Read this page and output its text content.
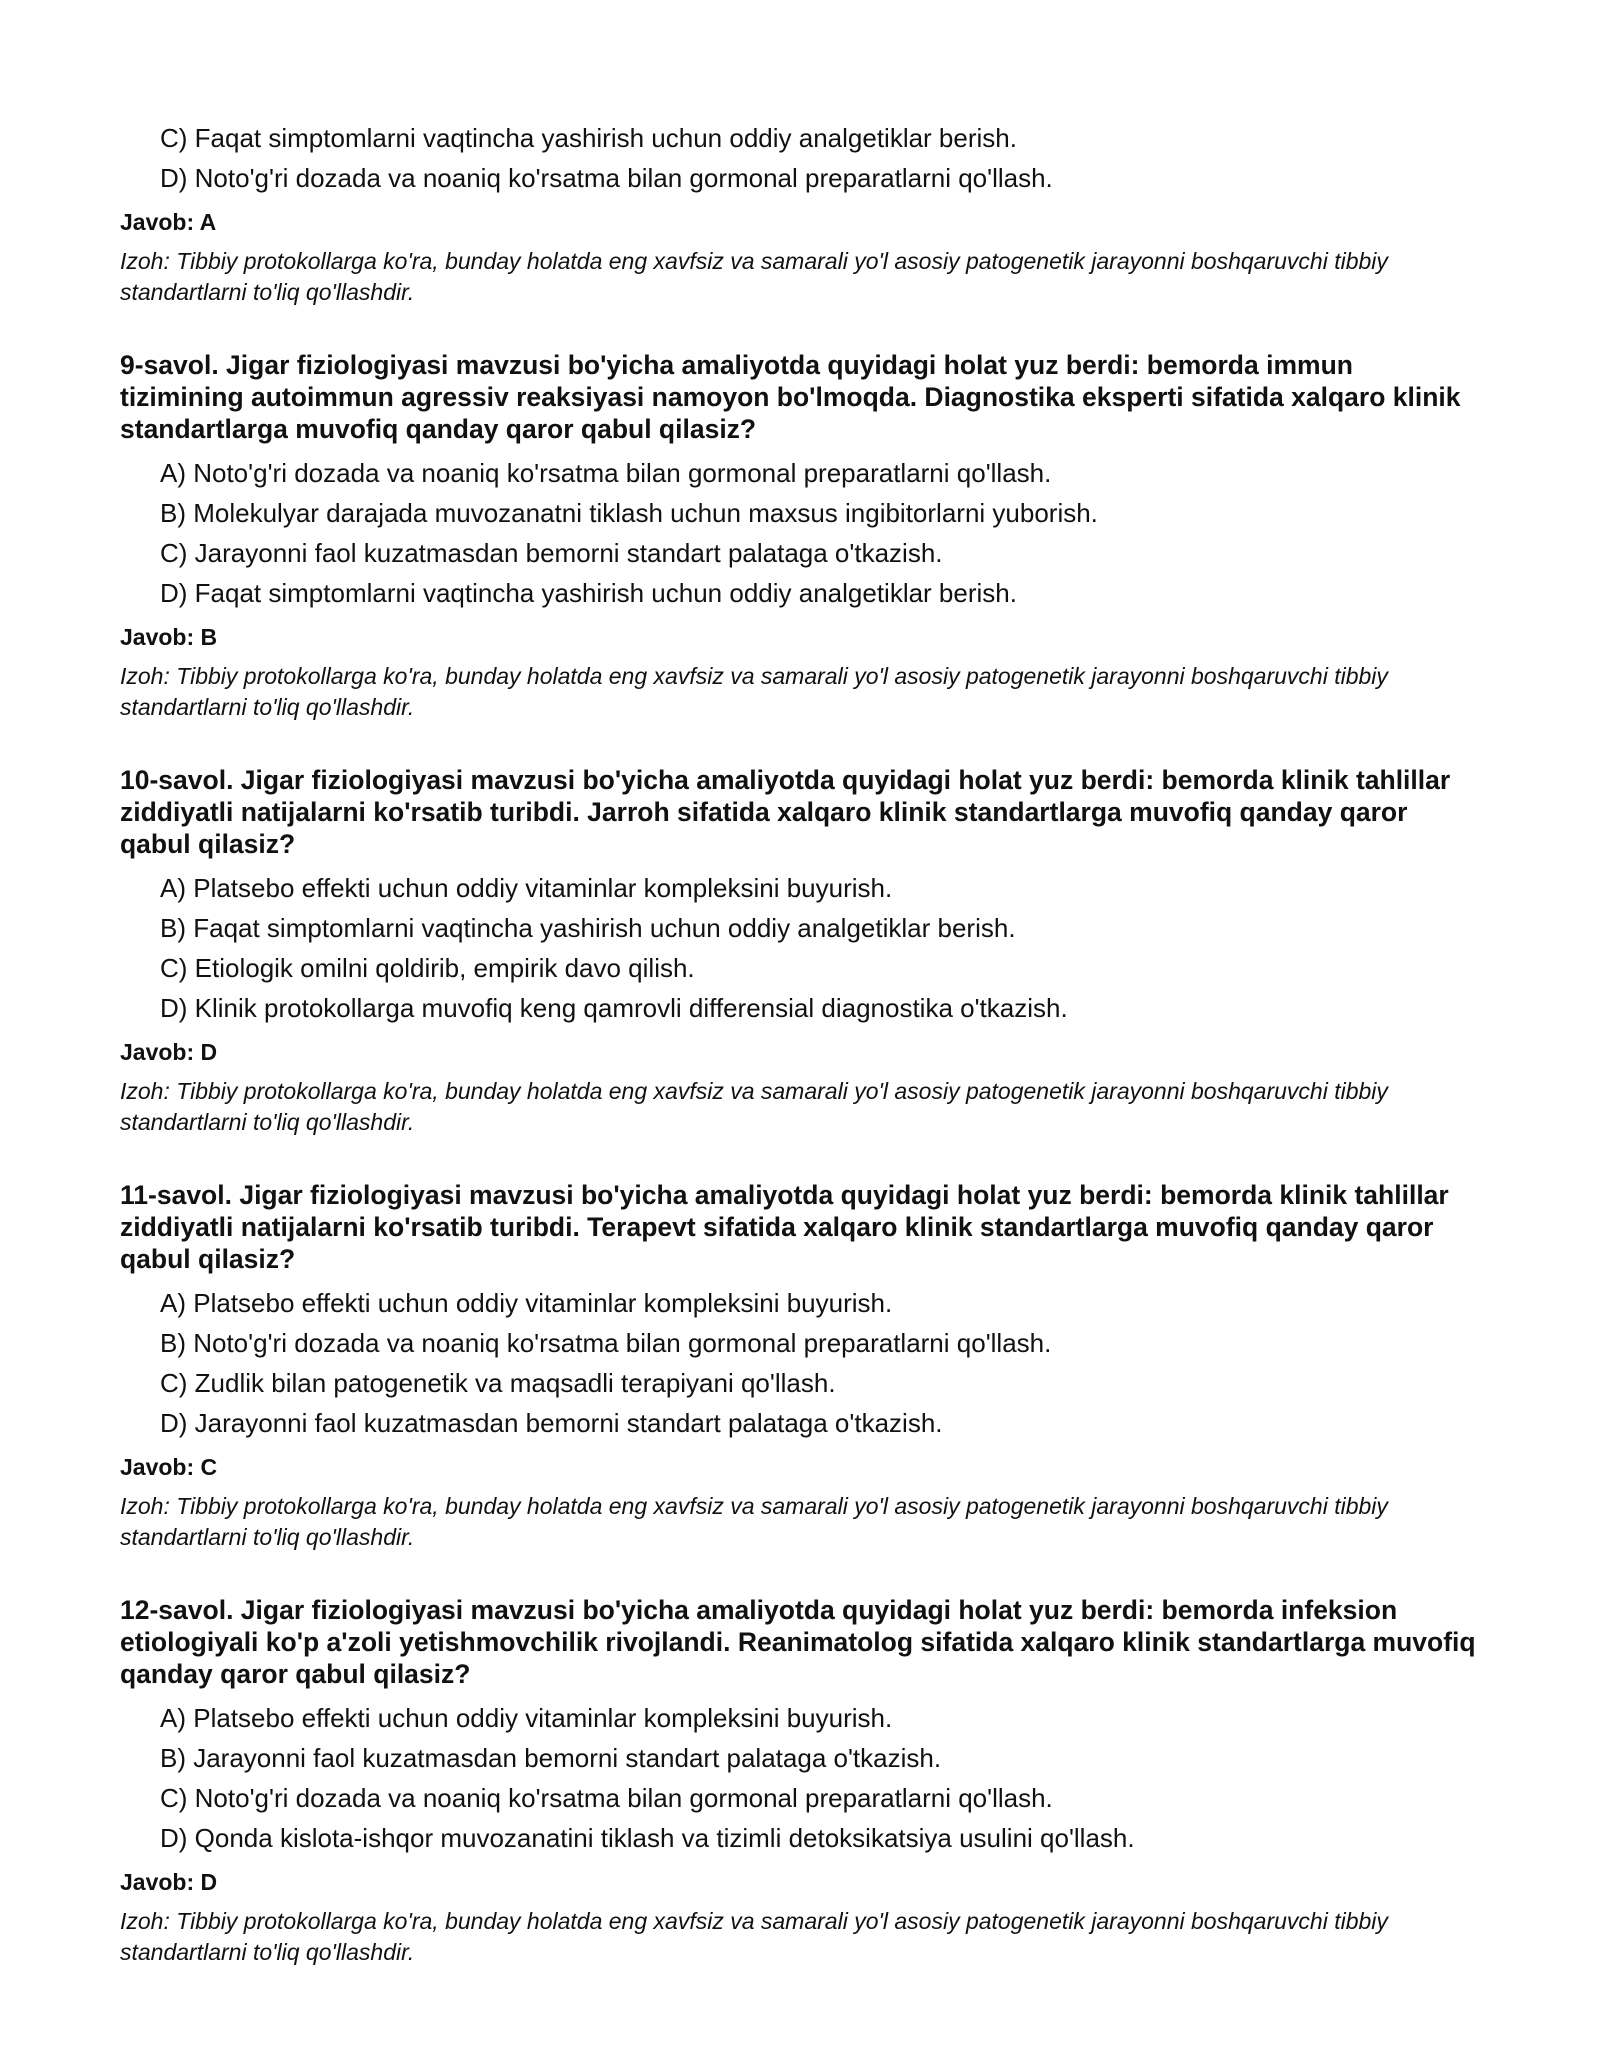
C) Faqat simptomlarni vaqtincha yashirish uchun oddiy analgetiklar berish.
D) Noto'g'ri dozada va noaniq ko'rsatma bilan gormonal preparatlarni qo'llash.
Javob: A
Izoh: Tibbiy protokollarga ko'ra, bunday holatda eng xavfsiz va samarali yo'l asosiy patogenetik jarayonni boshqaruvchi tibbiy standartlarni to'liq qo'llashdir.
9-savol. Jigar fiziologiyasi mavzusi bo'yicha amaliyotda quyidagi holat yuz berdi: bemorda immun tizimining autoimmun agressiv reaksiyasi namoyon bo'lmoqda. Diagnostika eksperti sifatida xalqaro klinik standartlarga muvofiq qanday qaror qabul qilasiz?
A) Noto'g'ri dozada va noaniq ko'rsatma bilan gormonal preparatlarni qo'llash.
B) Molekulyar darajada muvozanatni tiklash uchun maxsus ingibitorlarni yuborish.
C) Jarayonni faol kuzatmasdan bemorni standart palataga o'tkazish.
D) Faqat simptomlarni vaqtincha yashirish uchun oddiy analgetiklar berish.
Javob: B
Izoh: Tibbiy protokollarga ko'ra, bunday holatda eng xavfsiz va samarali yo'l asosiy patogenetik jarayonni boshqaruvchi tibbiy standartlarni to'liq qo'llashdir.
10-savol. Jigar fiziologiyasi mavzusi bo'yicha amaliyotda quyidagi holat yuz berdi: bemorda klinik tahlillar ziddiyatli natijalarni ko'rsatib turibdi. Jarroh sifatida xalqaro klinik standartlarga muvofiq qanday qaror qabul qilasiz?
A) Platsebo effekti uchun oddiy vitaminlar kompleksini buyurish.
B) Faqat simptomlarni vaqtincha yashirish uchun oddiy analgetiklar berish.
C) Etiologik omilni qoldirib, empirik davo qilish.
D) Klinik protokollarga muvofiq keng qamrovli differensial diagnostika o'tkazish.
Javob: D
Izoh: Tibbiy protokollarga ko'ra, bunday holatda eng xavfsiz va samarali yo'l asosiy patogenetik jarayonni boshqaruvchi tibbiy standartlarni to'liq qo'llashdir.
11-savol. Jigar fiziologiyasi mavzusi bo'yicha amaliyotda quyidagi holat yuz berdi: bemorda klinik tahlillar ziddiyatli natijalarni ko'rsatib turibdi. Terapevt sifatida xalqaro klinik standartlarga muvofiq qanday qaror qabul qilasiz?
A) Platsebo effekti uchun oddiy vitaminlar kompleksini buyurish.
B) Noto'g'ri dozada va noaniq ko'rsatma bilan gormonal preparatlarni qo'llash.
C) Zudlik bilan patogenetik va maqsadli terapiyani qo'llash.
D) Jarayonni faol kuzatmasdan bemorni standart palataga o'tkazish.
Javob: C
Izoh: Tibbiy protokollarga ko'ra, bunday holatda eng xavfsiz va samarali yo'l asosiy patogenetik jarayonni boshqaruvchi tibbiy standartlarni to'liq qo'llashdir.
12-savol. Jigar fiziologiyasi mavzusi bo'yicha amaliyotda quyidagi holat yuz berdi: bemorda infeksion etiologiyali ko'p a'zoli yetishmovchilik rivojlandi. Reanimatolog sifatida xalqaro klinik standartlarga muvofiq qanday qaror qabul qilasiz?
A) Platsebo effekti uchun oddiy vitaminlar kompleksini buyurish.
B) Jarayonni faol kuzatmasdan bemorni standart palataga o'tkazish.
C) Noto'g'ri dozada va noaniq ko'rsatma bilan gormonal preparatlarni qo'llash.
D) Qonda kislota-ishqor muvozanatini tiklash va tizimli detoksikatsiya usulini qo'llash.
Javob: D
Izoh: Tibbiy protokollarga ko'ra, bunday holatda eng xavfsiz va samarali yo'l asosiy patogenetik jarayonni boshqaruvchi tibbiy standartlarni to'liq qo'llashdir.
